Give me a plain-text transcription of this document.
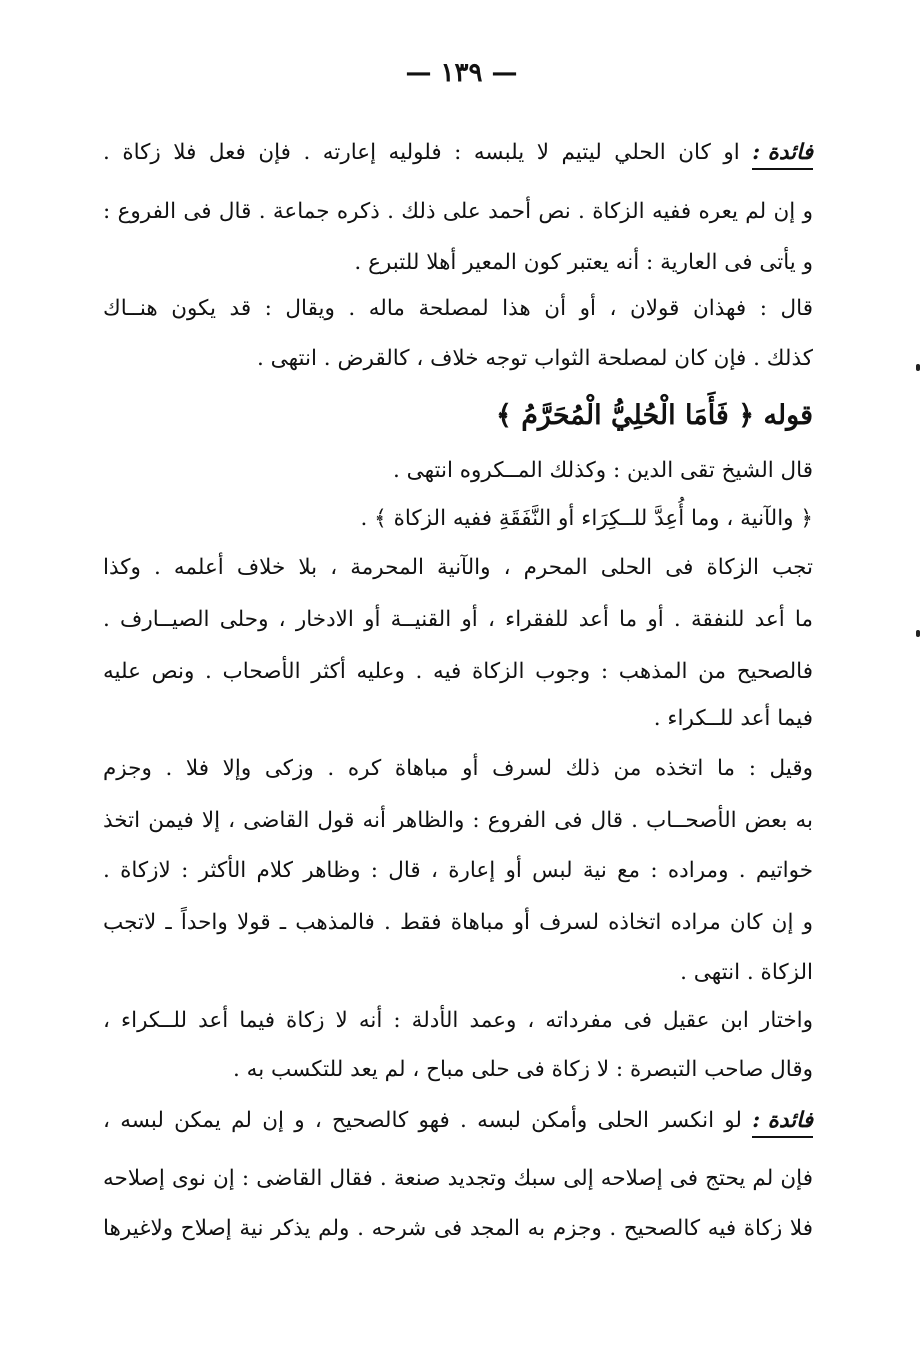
— ١٣٩ —
فائدة : او كان الحلي ليتيم لا يلبسه : فلوليه إعارته . فإن فعل فلا زكاة .
و إن لم يعره ففيه الزكاة . نص أحمد على ذلك . ذكره جماعة . قال فى الفروع :
و يأتى فى العارية : أنه يعتبر كون المعير أهلا للتبرع .
قال : فهذان قولان ، أو أن هذا لمصلحة ماله . ويقال : قد يكون هنــاك
كذلك . فإن كان لمصلحة الثواب توجه خلاف ، كالقرض . انتهى .
قوله ﴿ فَأَمَا الْحُلِيُّ الْمُحَرَّمُ ﴾
قال الشيخ تقى الدين : وكذلك المــكروه انتهى .
﴿ والآنية ، وما أُعِدَّ للــكِرَاء أو النَّفَقَةِ ففيه الزكاة ﴾ .
تجب الزكاة فى الحلى المحرم ، والآنية المحرمة ، بلا خلاف أعلمه . وكذا
ما أعد للنفقة . أو ما أعد للفقراء ، أو القنيــة أو الادخار ، وحلى الصيــارف .
فالصحيح من المذهب : وجوب الزكاة فيه . وعليه أكثر الأصحاب . ونص عليه
فيما أعد للــكراء .
وقيل : ما اتخذه من ذلك لسرف أو مباهاة كره . وزكى وإلا فلا . وجزم
به بعض الأصحــاب . قال فى الفروع : والظاهر أنه قول القاضى ، إلا فيمن اتخذ
خواتيم . ومراده : مع نية لبس أو إعارة ، قال : وظاهر كلام الأكثر : لازكاة .
و إن كان مراده اتخاذه لسرف أو مباهاة فقط . فالمذهب ـ قولا واحداً ـ لاتجب
الزكاة . انتهى .
واختار ابن عقيل فى مفرداته ، وعمد الأدلة : أنه لا زكاة فيما أعد للــكراء ،
وقال صاحب التبصرة : لا زكاة فى حلى مباح ، لم يعد للتكسب به .
فائدة : لو انكسر الحلى وأمكن لبسه . فهو كالصحيح ، و إن لم يمكن لبسه ،
فإن لم يحتج فى إصلاحه إلى سبك وتجديد صنعة . فقال القاضى : إن نوى إصلاحه
فلا زكاة فيه كالصحيح . وجزم به المجد فى شرحه . ولم يذكر نية إصلاح ولاغيرها
